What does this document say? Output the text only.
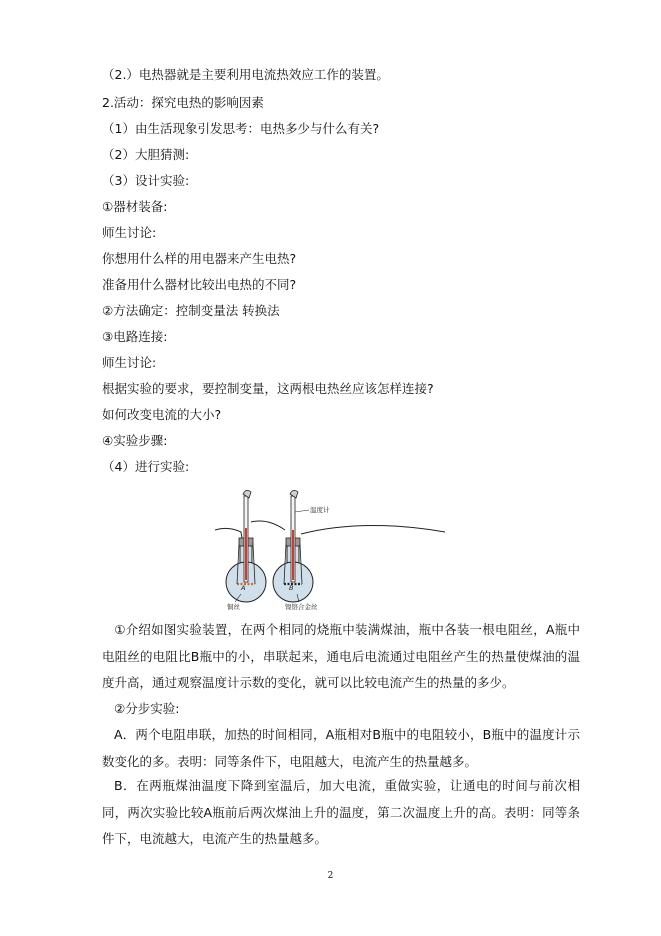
（2.）电热器就是主要利用电流热效应工作的装置。
2.活动：探究电热的影响因素
（1）由生活现象引发思考：电热多少与什么有关?
（2）大胆猜测:
（3）设计实验:
①器材装备:
师生讨论:
你想用什么样的用电器来产生电热?
准备用什么器材比较出电热的不同?
②方法确定：控制变量法 转换法
③电路连接:
师生讨论:
根据实验的要求，要控制变量，这两根电热丝应该怎样连接?
如何改变电流的大小?
④实验步骤:
（4）进行实验:
温度计
A	B
铜丝	镍铬合金丝
①介绍如图实验装置，在两个相同的烧瓶中装满煤油，瓶中各装一根电阻丝，A瓶中电阻丝的电阻比B瓶中的小，串联起来，通电后电流通过电阻丝产生的热量使煤油的温度升高，通过观察温度计示数的变化，就可以比较电流产生的热量的多少。
②分步实验:
A．两个电阻串联，加热的时间相同，A瓶相对B瓶中的电阻较小，B瓶中的温度计示数变化的多。表明：同等条件下，电阻越大，电流产生的热量越多。
B．在两瓶煤油温度下降到室温后，加大电流，重做实验，让通电的时间与前次相同，两次实验比较A瓶前后两次煤油上升的温度，第二次温度上升的高。表明：同等条件下，电流越大，电流产生的热量越多。
2
